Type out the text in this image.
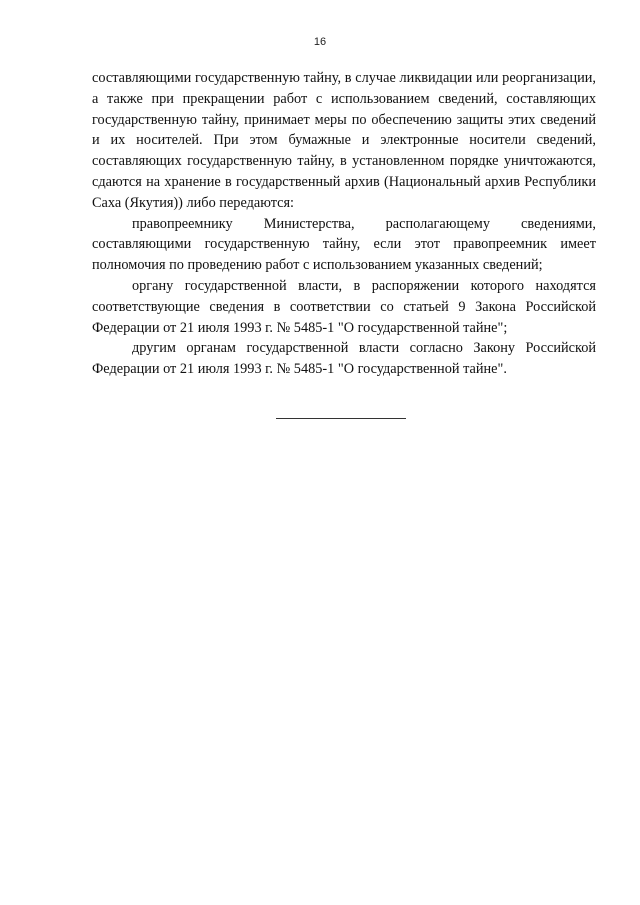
16

составляющими государственную тайну, в случае ликвидации или реорганизации, а также при прекращении работ с использованием сведений, составляющих государственную тайну, принимает меры по обеспечению защиты этих сведений и их носителей. При этом бумажные и электронные носители сведений, составляющих государственную тайну, в установленном порядке уничтожаются, сдаются на хранение в государственный архив (Национальный архив Республики Саха (Якутия)) либо передаются:

правопреемнику Министерства, располагающему сведениями, составляющими государственную тайну, если этот правопреемник имеет полномочия по проведению работ с использованием указанных сведений;

органу государственной власти, в распоряжении которого находятся соответствующие сведения в соответствии со статьей 9 Закона Российской Федерации от 21 июля 1993 г. № 5485-1 "О государственной тайне";

другим органам государственной власти согласно Закону Российской Федерации от 21 июля 1993 г. № 5485-1 "О государственной тайне".
